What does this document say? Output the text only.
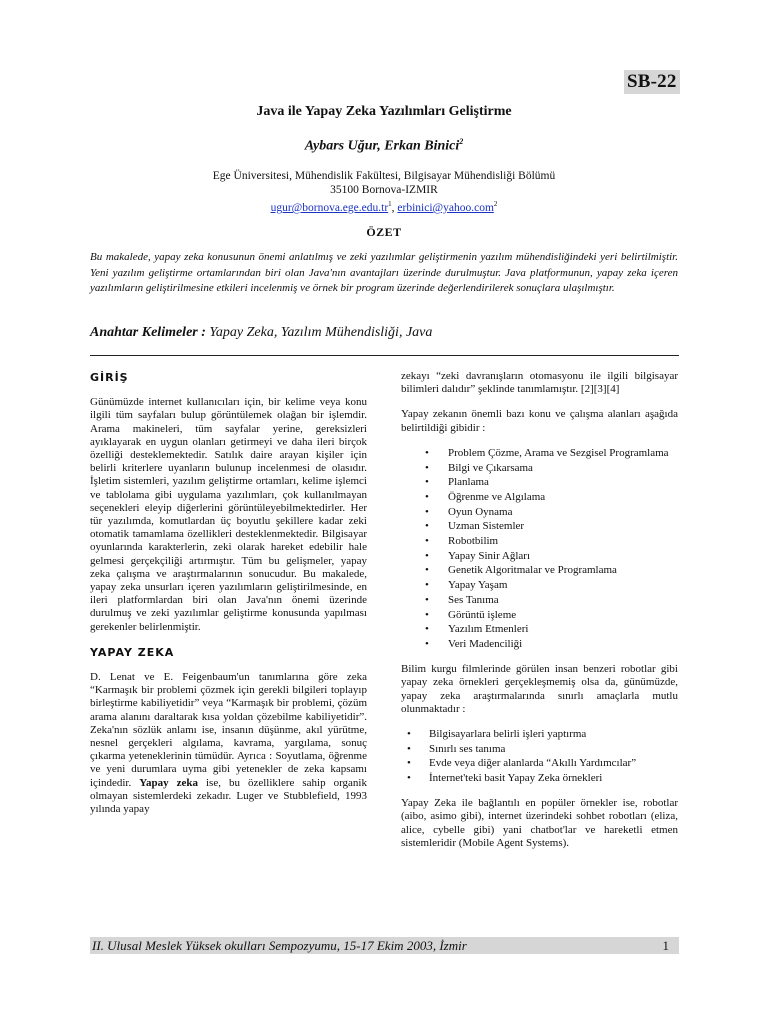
SB-22
Java ile Yapay Zeka Yazılımları Geliştirme
Aybars Uğur, Erkan Binici$^2$
Ege Üniversitesi, Mühendislik Fakültesi, Bilgisayar Mühendisliği Bölümü
35100 Bornova-IZMIR
$ugur@bornova.ege.edu.tr^1$, erbinici@yahoo.com$^2$
ÖZET
Bu makalede, yapay zeka konusunun önemi anlatılmış ve zeki yazılımlar geliştirmenin yazılım mühendisliğindeki yeri belirtilmiştir. Yeni yazılım geliştirme ortamlarından biri olan Java'nın avantajları üzerinde durulmuştur. Java platformunun, yapay zeka içeren yazılımların geliştirilmesine etkileri incelenmiş ve örnek bir program üzerinde değerlendirilerek sonuçlara ulaşılmıştır.
Anahtar Kelimeler : Yapay Zeka, Yazılım Mühendisliği, Java
GİRİŞ

Günümüzde internet kullanıcıları için, bir kelime veya konu ilgili tüm sayfaları bulup görüntülemek olağan bir işlemdir. Arama makineleri, tüm sayfalar yerine, gereksizleri ayıklayarak en uygun olanları getirmeyi ve daha ileri birçok özelliği desteklemektedir. Satılık daire arayan kişiler için belirli kriterlere uyanların bulunup incelenmesi de olasıdır. İşletim sistemleri, yazılım geliştirme ortamları, kelime işlemci ve tablolama gibi uygulama yazılımları, çok kullanılmayan seçenekleri eleyip diğerlerini görüntüleyebilmektedirler. Her tür yazılımda, komutlardan üç boyutlu şekillere kadar zeki otomatik tamamlama özellikleri desteklenmektedir. Bilgisayar oyunlarında karakterlerin, zeki olarak hareket edebilir hale gelmesi gerçekçiliği artırmıştır. Tüm bu gelişmeler, yapay zeka çalışma ve araştırmalarının sonucudur. Bu makalede, yapay zeka unsurları içeren yazılımların geliştirilmesinde, en ileri platformlardan biri olan Java'nın önemi üzerinde durulmuş ve zeki yazılımlar geliştirme konusunda yapılması gerekenler belirlenmiştir.

YAPAY ZEKA

D. Lenat ve E. Feigenbaum'un tanımlarına göre zeka “Karmaşık bir problemi çözmek için gerekli bilgileri toplayıp birleştirme kabiliyetidir” veya “Karmaşık bir problemi, çözüm arama alanını daraltarak kısa yoldan çözebilme kabiliyetidir”. Zeka'nın sözlük anlamı ise, insanın düşünme, akıl yürütme, nesnel gerçekleri algılama, kavrama, yargılama, sonuç çıkarma yeteneklerinin tümüdür. Ayrıca : Soyutlama, öğrenme ve yeni durumlara uyma gibi yetenekler de zeka kapsamı içindedir. Yapay zeka ise, bu özelliklere sahip organik olmayan sistemlerdeki zekadır. Luger ve Stubblefield, 1993 yılında yapay

zekayı “zeki davranışların otomasyonu ile ilgili bilgisayar bilimleri dalıdır” şeklinde tanımlamıştır. [2][3][4]

Yapay zekanın önemli bazı konu ve çalışma alanları aşağıda belirtildiği gibidir :

• Problem Çözme, Arama ve Sezgisel Programlama
• Bilgi ve Çıkarsama
• Planlama
• Öğrenme ve Algılama
• Oyun Oynama
• Uzman Sistemler
• Robotbilim
• Yapay Sinir Ağları
• Genetik Algoritmalar ve Programlama
• Yapay Yaşam
• Ses Tanıma
• Görüntü işleme
• Yazılım Etmenleri
• Veri Madenciliği

Bilim kurgu filmlerinde görülen insan benzeri robotlar gibi yapay zeka örnekleri gerçekleşmemiş olsa da, günümüzde, yapay zeka araştırmalarında sınırlı amaçlarla mutlu olunmaktadır :

• Bilgisayarlara belirli işleri yaptırma
• Sınırlı ses tanıma
• Evde veya diğer alanlarda “Akıllı Yardımcılar”
• İnternet'teki basit Yapay Zeka örnekleri

Yapay Zeka ile bağlantılı en popüler örnekler ise, robotlar (aibo, asimo gibi), internet üzerindeki sohbet robotları (eliza, alice, cybelle gibi) yani chatbot'lar ve hareketli etmen sistemleridir (Mobile Agent Systems).

II. Ulusal Meslek Yüksek okulları Sempozyumu, 15-17 Ekim 2003, İzmir	1
